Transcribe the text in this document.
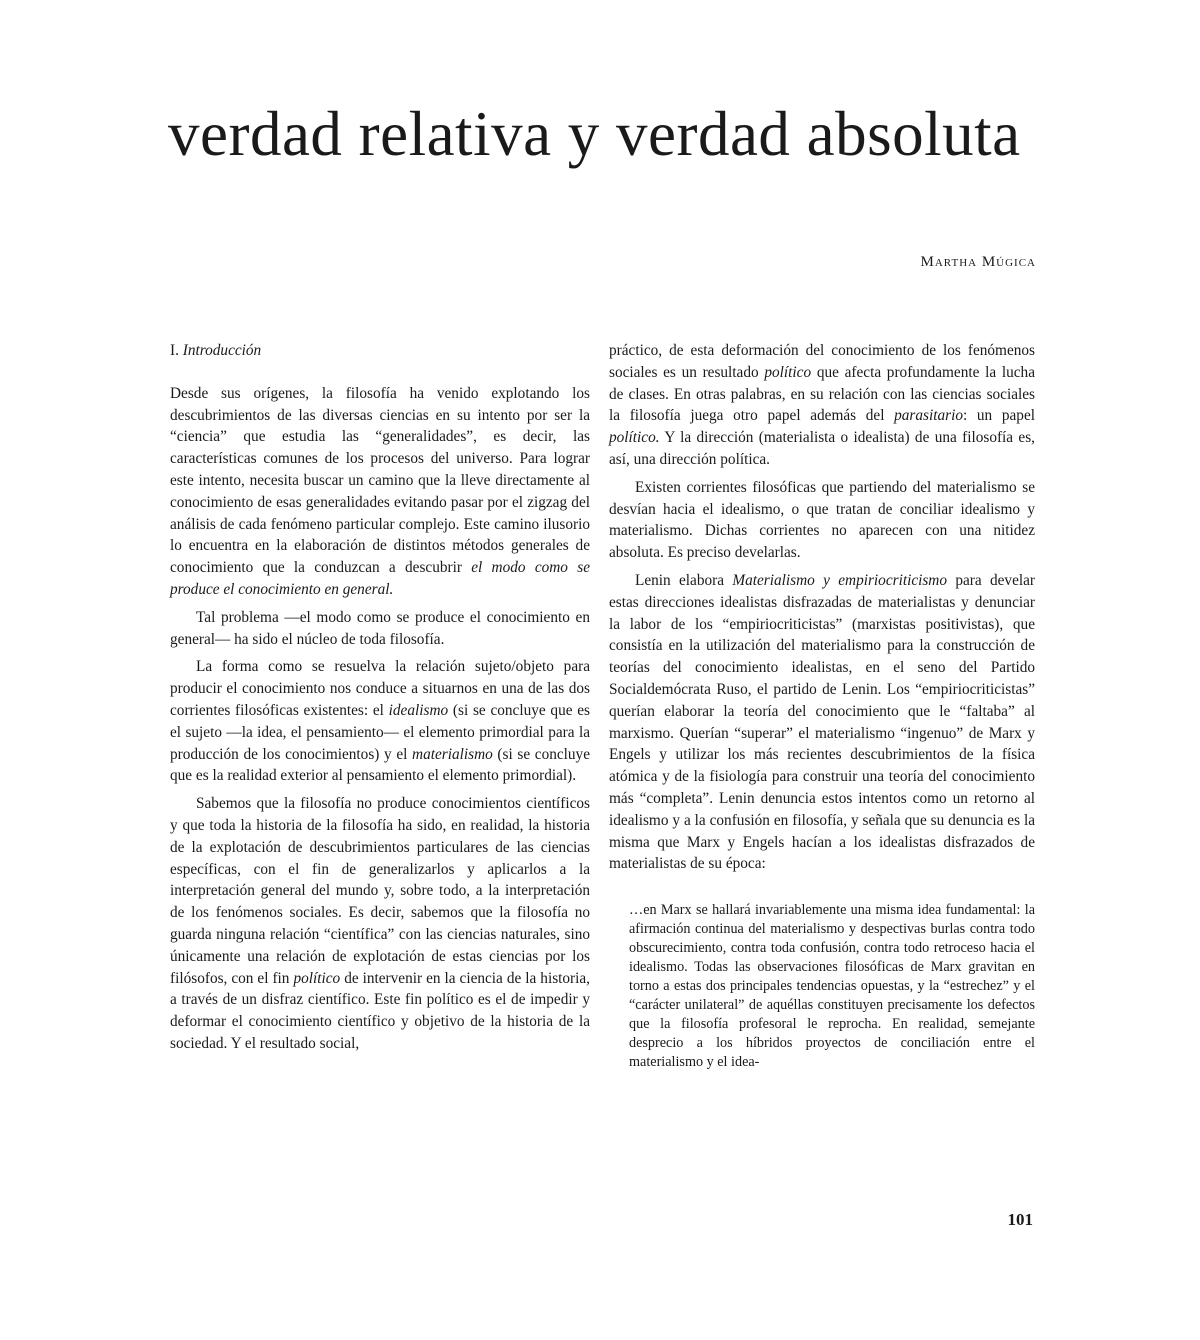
verdad relativa y verdad absoluta
Martha Múgica
I. Introducción

Desde sus orígenes, la filosofía ha venido explotando los descubrimientos de las diversas ciencias en su intento por ser la “ciencia” que estudia las “generalidades”, es decir, las características comunes de los procesos del universo. Para lograr este intento, necesita buscar un camino que la lleve directamente al conocimiento de esas generalidades evitando pasar por el zigzag del análisis de cada fenómeno particular complejo. Este camino ilusorio lo encuentra en la elaboración de distintos métodos generales de conocimiento que la conduzcan a descubrir el modo como se produce el conocimiento en general.

Tal problema —el modo como se produce el conocimiento en general— ha sido el núcleo de toda filosofía.

La forma como se resuelva la relación sujeto/objeto para producir el conocimiento nos conduce a situarnos en una de las dos corrientes filosóficas existentes: el idealismo (si se concluye que es el sujeto —la idea, el pensamiento— el elemento primordial para la producción de los conocimientos) y el materialismo (si se concluye que es la realidad exterior al pensamiento el elemento primordial).

Sabemos que la filosofía no produce conocimientos científicos y que toda la historia de la filosofía ha sido, en realidad, la historia de la explotación de descubrimientos particulares de las ciencias específicas, con el fin de generalizarlos y aplicarlos a la interpretación general del mundo y, sobre todo, a la interpretación de los fenómenos sociales. Es decir, sabemos que la filosofía no guarda ninguna relación “científica” con las ciencias naturales, sino únicamente una relación de explotación de estas ciencias por los filósofos, con el fin político de intervenir en la ciencia de la historia, a través de un disfraz científico. Este fin político es el de impedir y deformar el conocimiento científico y objetivo de la historia de la sociedad. Y el resultado social,

práctico, de esta deformación del conocimiento de los fenómenos sociales es un resultado político que afecta profundamente la lucha de clases. En otras palabras, en su relación con las ciencias sociales la filosofía juega otro papel además del parasitario: un papel político. Y la dirección (materialista o idealista) de una filosofía es, así, una dirección política.

Existen corrientes filosóficas que partiendo del materialismo se desvían hacia el idealismo, o que tratan de conciliar idealismo y materialismo. Dichas corrientes no aparecen con una nitidez absoluta. Es preciso develarlas.

Lenin elabora Materialismo y empiriocriticismo para develar estas direcciones idealistas disfrazadas de materialistas y denunciar la labor de los “empiriocriticistas” (marxistas positivistas), que consistía en la utilización del materialismo para la construcción de teorías del conocimiento idealistas, en el seno del Partido Socialdemócrata Ruso, el partido de Lenin. Los “empiriocriticistas” querían elaborar la teoría del conocimiento que le “faltaba” al marxismo. Querían “superar” el materialismo “ingenuo” de Marx y Engels y utilizar los más recientes descubrimientos de la física atómica y de la fisiología para construir una teoría del conocimiento más “completa”. Lenin denuncia estos intentos como un retorno al idealismo y a la confusión en filosofía, y señala que su denuncia es la misma que Marx y Engels hacían a los idealistas disfrazados de materialistas de su época:

…en Marx se hallará invariablemente una misma idea fundamental: la afirmación continua del materialismo y despectivas burlas contra todo obscurecimiento, contra toda confusión, contra todo retroceso hacia el idealismo. Todas las observaciones filosóficas de Marx gravitan en torno a estas dos principales tendencias opuestas, y la “estrechez” y el “carácter unilateral” de aquéllas constituyen precisamente los defectos que la filosofía profesoral le reprocha. En realidad, semejante desprecio a los híbridos proyectos de conciliación entre el materialismo y el idea-

101
